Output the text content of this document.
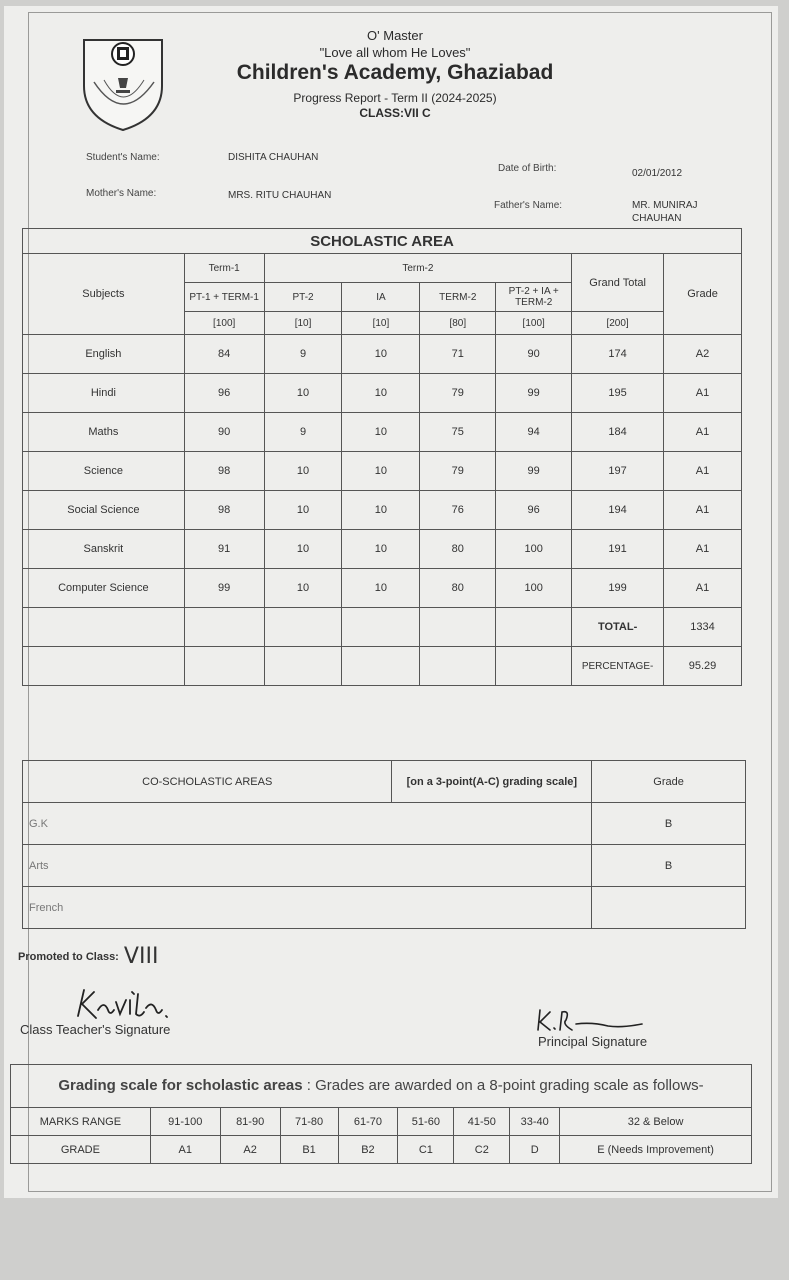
O' Master
"Love all whom He Loves"
Children's Academy, Ghaziabad
Progress Report - Term II (2024-2025)
CLASS:VII C
Student's Name:	DISHITA CHAUHAN
Date of Birth:	02/01/2012
Mother's Name:	MRS. RITU CHAUHAN
Father's Name:	MR. MUNIRAJ
CHAUHAN
SCHOLASTIC AREA							
Subjects	Term-1	Term-2				Grand Total	Grade
	PT-1 + TERM-1	PT-2	IA	TERM-2	PT-2 + IA + TERM-2		
	[100]	[10]	[10]	[80]	[100]	[200]	
English	84	9	10	71	90	174	A2
Hindi	96	10	10	79	99	195	A1
Maths	90	9	10	75	94	184	A1
Science	98	10	10	79	99	197	A1
Social Science	98	10	10	76	96	194	A1
Sanskrit	91	10	10	80	100	191	A1
Computer Science	99	10	10	80	100	199	A1
						TOTAL-	1334
						PERCENTAGE-	95.29
CO-SCHOLASTIC AREAS	[on a 3-point(A-C) grading scale]	Grade
G.K		B
Arts		B
French		
Promoted to Class: VIII
Class Teacher's Signature
Principal Signature
Grading scale for scholastic areas : Grades are awarded on a 8-point grading scale as follows-								
MARKS RANGE	91-100	81-90	71-80	61-70	51-60	41-50	33-40	32 & Below
GRADE	A1	A2	B1	B2	C1	C2	D	E (Needs Improvement)
